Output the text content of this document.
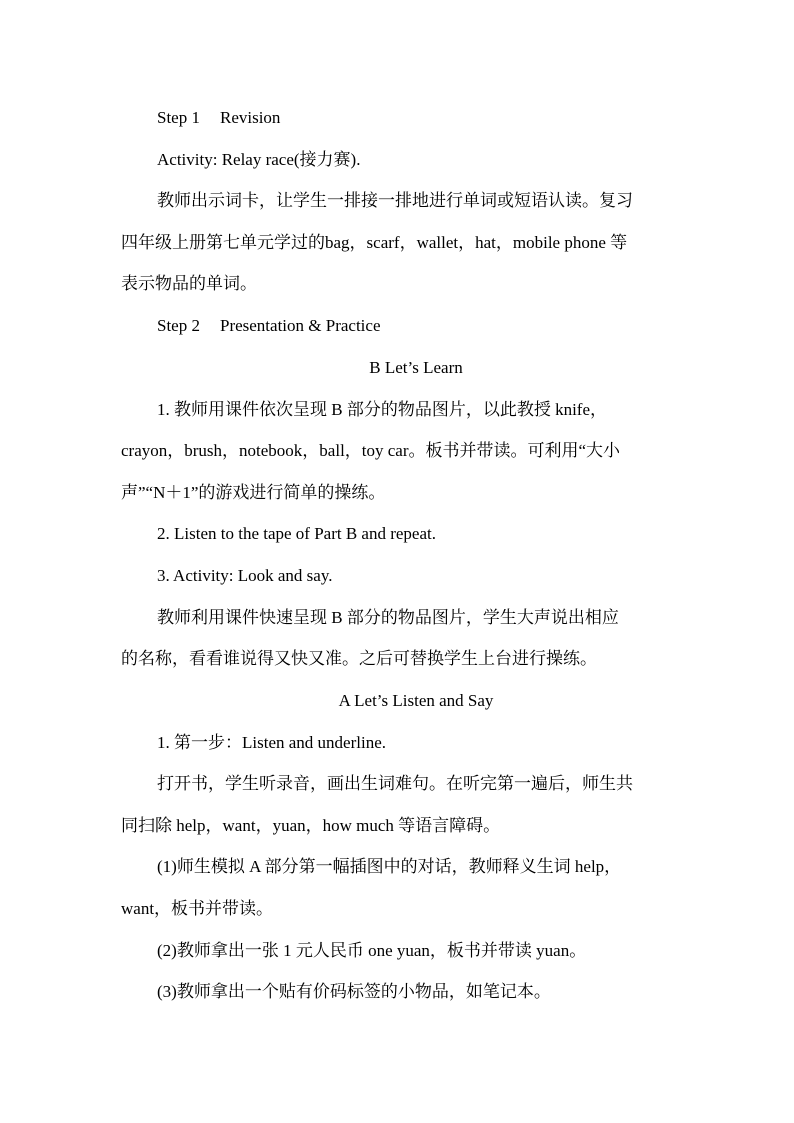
Step 1 Revision
Activity: Relay race(接力赛).
教师出示词卡，让学生一排接一排地进行单词或短语认读。复习
四年级上册第七单元学过的bag，scarf，wallet，hat，mobile phone 等
表示物品的单词。
Step 2 Presentation & Practice
B Let’s Learn
1. 教师用课件依次呈现 B 部分的物品图片，以此教授 knife，
crayon，brush，notebook，ball，toy car。板书并带读。可利用“大小
声”“N＋1”的游戏进行简单的操练。
2. Listen to the tape of Part B and repeat.
3. Activity: Look and say.
教师利用课件快速呈现 B 部分的物品图片，学生大声说出相应
的名称，看看谁说得又快又准。之后可替换学生上台进行操练。
A Let’s Listen and Say
1. 第一步：Listen and underline.
打开书，学生听录音，画出生词难句。在听完第一遍后，师生共
同扫除 help，want，yuan，how much 等语言障碍。
(1)师生模拟 A 部分第一幅插图中的对话，教师释义生词 help，
want，板书并带读。
(2)教师拿出一张 1 元人民币 one yuan，板书并带读 yuan。
(3)教师拿出一个贴有价码标签的小物品，如笔记本。
